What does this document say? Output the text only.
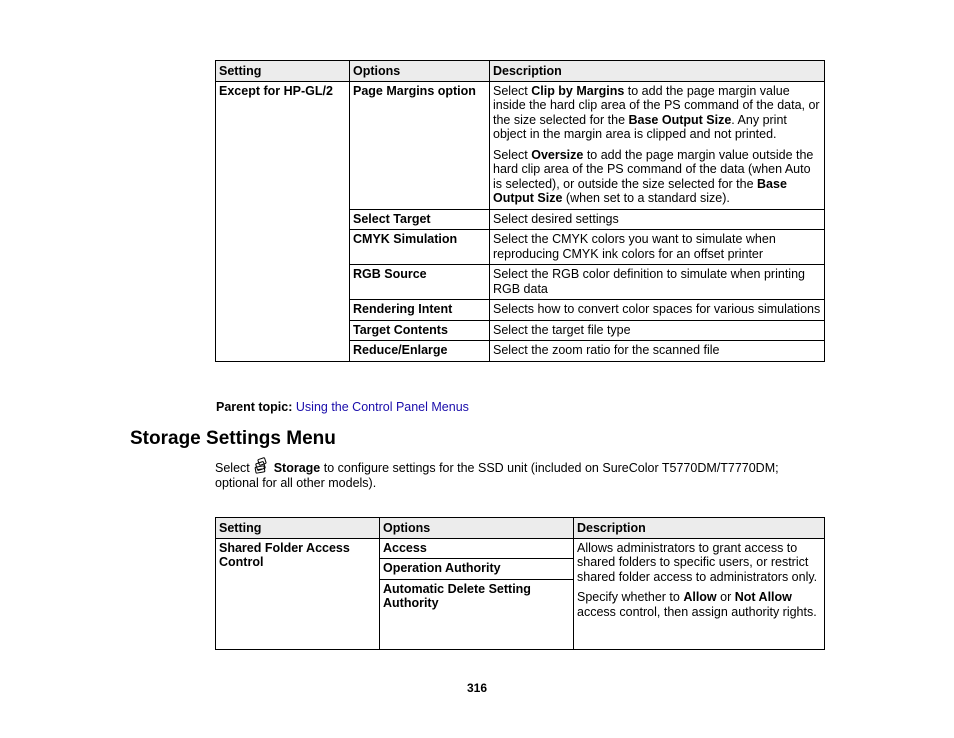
Setting	Options	Description
Except for HP-GL/2	Page Margins option	Select Clip by Margins to add the page margin value inside the hard clip area of the PS command of the data, or the size selected for the Base Output Size. Any print object in the margin area is clipped and not printed.
Select Oversize to add the page margin value outside the hard clip area of the PS command of the data (when Auto is selected), or outside the size selected for the Base Output Size (when set to a standard size).

	Select Target	Select desired settings

	CMYK Simulation	Select the CMYK colors you want to simulate when reproducing CMYK ink colors for an offset printer

	RGB Source	Select the RGB color definition to simulate when printing RGB data

	Rendering Intent	Selects how to convert color spaces for various simulations

	Target Contents	Select the target file type

	Reduce/Enlarge	Select the zoom ratio for the scanned file
Parent topic: Using the Control Panel Menus
Storage Settings Menu

Select  Storage to configure settings for the SSD unit (included on SureColor T5770DM/T7770DM; optional for all other models).

Setting	Options	Description
Shared Folder Access Control	Access	Allows administrators to grant access to shared folders to specific users, or restrict shared folder access to administrators only.
Specify whether to Allow or Not Allow access control, then assign authority rights.

	Operation Authority	
	Automatic Delete Setting Authority	
316
